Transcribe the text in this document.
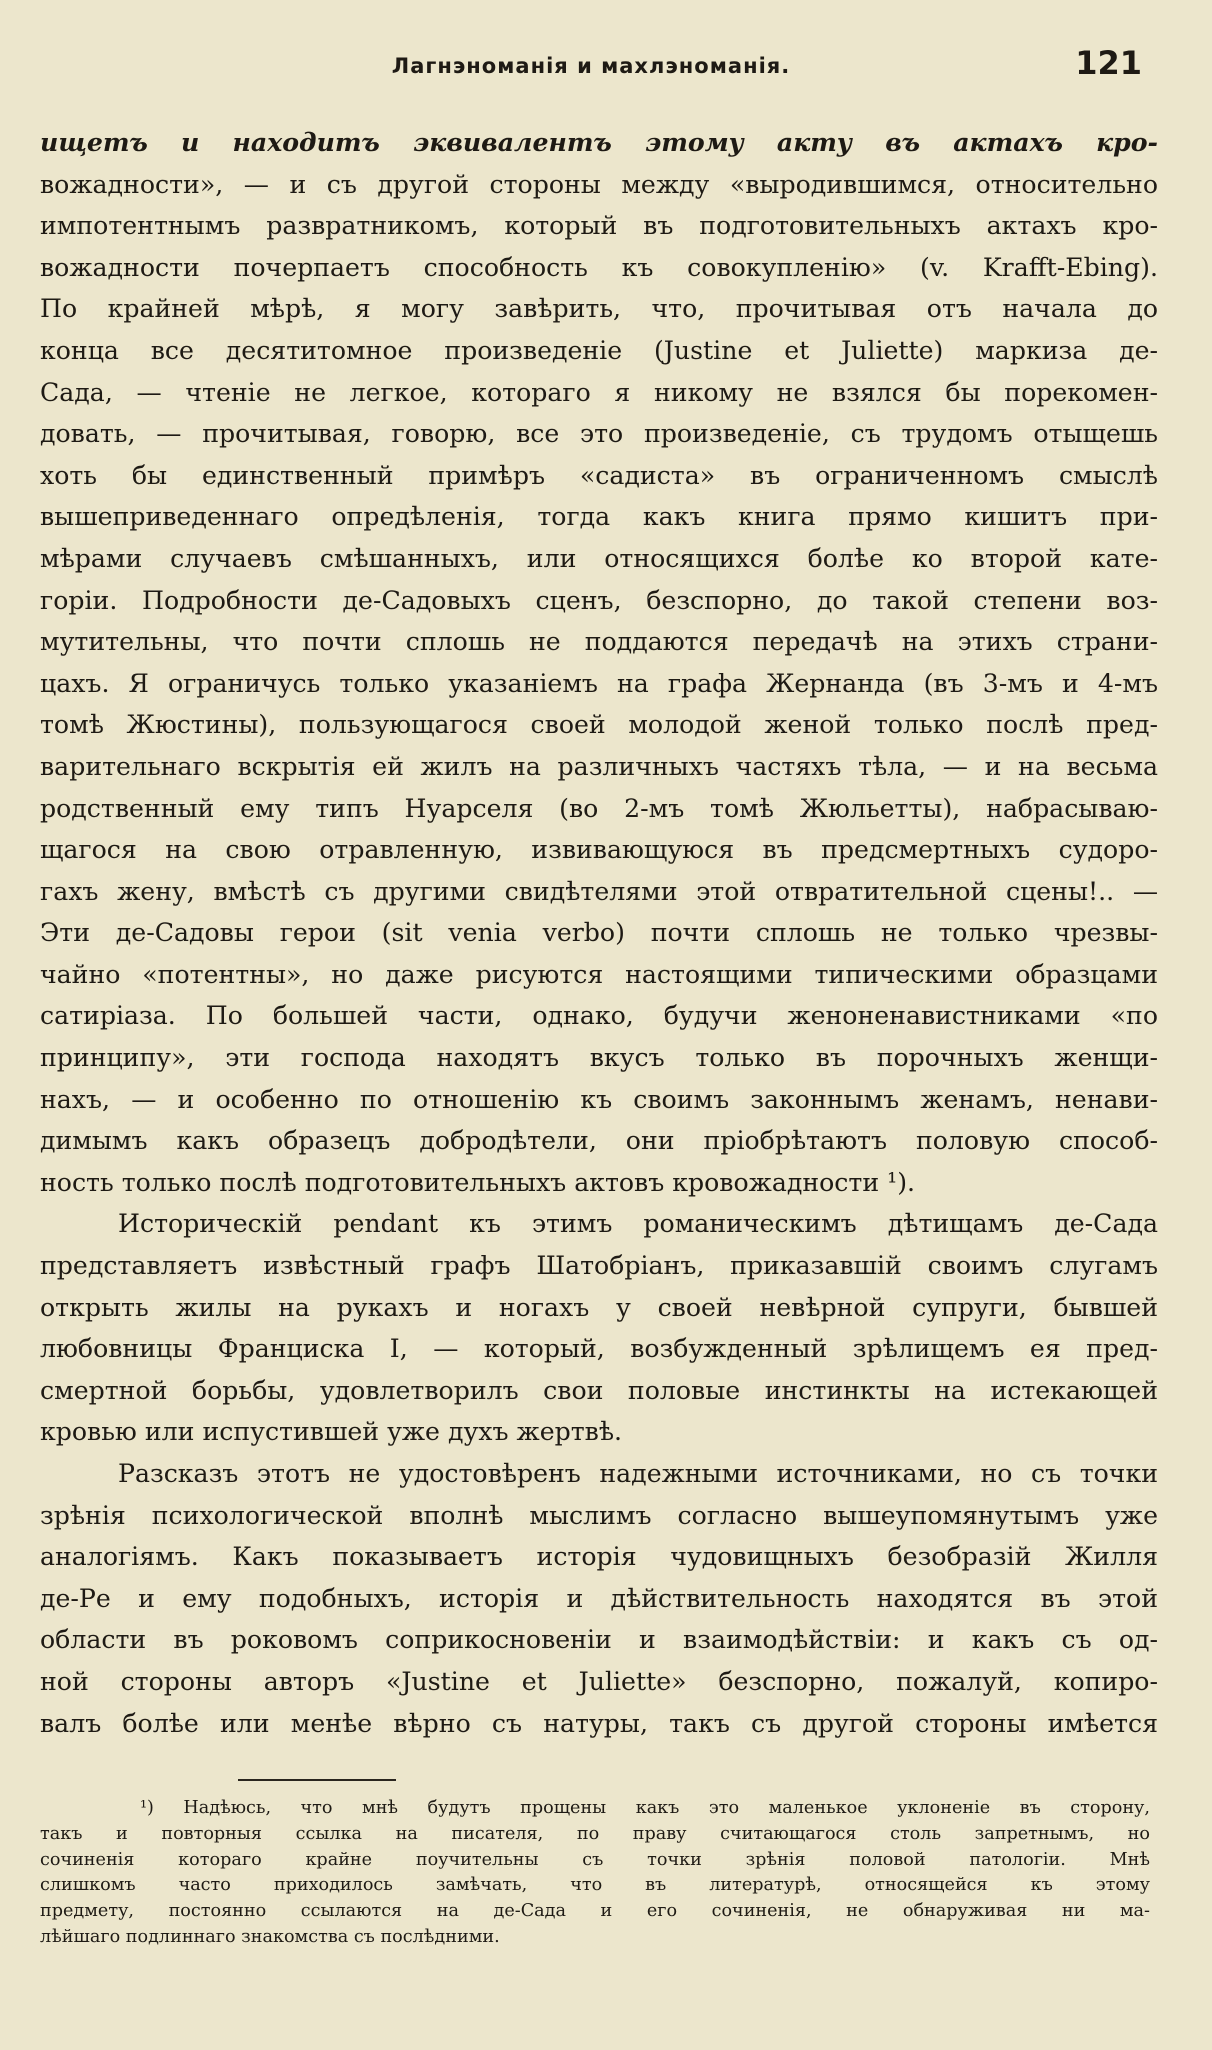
Лагнэноманія и махлэноманія.	121
ищетъ и находитъ эквивалентъ этому акту въ актахъ кро-
вожадности», — и съ другой стороны между «выродившимся, относительно
импотентнымъ развратникомъ, который въ подготовительныхъ актахъ кро-
вожадности почерпаетъ способность къ совокупленію» (v. Krafft-Ebing).
По крайней мѣрѣ, я могу завѣрить, что, прочитывая отъ начала до
конца все десятитомное произведеніе (Justine et Juliette) маркиза де-
Сада, — чтеніе не легкое, котораго я никому не взялся бы порекомен-
довать, — прочитывая, говорю, все это произведеніе, съ трудомъ отыщешь
хоть бы единственный примѣръ «садиста» въ ограниченномъ смыслѣ
вышеприведеннаго опредѣленія, тогда какъ книга прямо кишитъ при-
мѣрами случаевъ смѣшанныхъ, или относящихся болѣе ко второй кате-
горіи. Подробности де-Садовыхъ сценъ, безспорно, до такой степени воз-
мутительны, что почти сплошь не поддаются передачѣ на этихъ страни-
цахъ. Я ограничусь только указаніемъ на графа Жернанда (въ 3-мъ и 4-мъ
томѣ Жюстины), пользующагося своей молодой женой только послѣ пред-
варительнаго вскрытія ей жилъ на различныхъ частяхъ тѣла, — и на весьма
родственный ему типъ Нуарселя (во 2-мъ томѣ Жюльетты), набрасываю-
щагося на свою отравленную, извивающуюся въ предсмертныхъ судоро-
гахъ жену, вмѣстѣ съ другими свидѣтелями этой отвратительной сцены!.. —
Эти де-Садовы герои (sit venia verbo) почти сплошь не только чрезвы-
чайно «потентны», но даже рисуются настоящими типическими образцами
сатиріаза. По большей части, однако, будучи женоненавистниками «по
принципу», эти господа находятъ вкусъ только въ порочныхъ женщи-
нахъ, — и особенно по отношенію къ своимъ законнымъ женамъ, ненави-
димымъ какъ образецъ добродѣтели, они пріобрѣтаютъ половую способ-
ность только послѣ подготовительныхъ актовъ кровожадности ¹).
Историческій pendant къ этимъ романическимъ дѣтищамъ де-Сада
представляетъ извѣстный графъ Шатобріанъ, приказавшій своимъ слугамъ
открыть жилы на рукахъ и ногахъ у своей невѣрной супруги, бывшей
любовницы Франциска I, — который, возбужденный зрѣлищемъ ея пред-
смертной борьбы, удовлетворилъ свои половые инстинкты на истекающей
кровью или испустившей уже духъ жертвѣ.
Разсказъ этотъ не удостовѣренъ надежными источниками, но съ точки
зрѣнія психологической вполнѣ мыслимъ согласно вышеупомянутымъ уже
аналогіямъ. Какъ показываетъ исторія чудовищныхъ безобразій Жилля
де-Ре и ему подобныхъ, исторія и дѣйствительность находятся въ этой
области въ роковомъ соприкосновеніи и взаимодѣйствіи: и какъ съ од-
ной стороны авторъ «Justine et Juliette» безспорно, пожалуй, копиро-
валъ болѣе или менѣе вѣрно съ натуры, такъ съ другой стороны имѣется
¹) Надѣюсь, что мнѣ будутъ прощены какъ это маленькое уклоненіе въ сторону,
такъ и повторныя ссылка на писателя, по праву считающагося столь запретнымъ, но
сочиненія котораго крайне поучительны съ точки зрѣнія половой патологіи. Мнѣ
слишкомъ часто приходилось замѣчать, что въ литературѣ, относящейся къ этому
предмету, постоянно ссылаются на де-Сада и его сочиненія, не обнаруживая ни ма-
лѣйшаго подлиннаго знакомства съ послѣдними.
